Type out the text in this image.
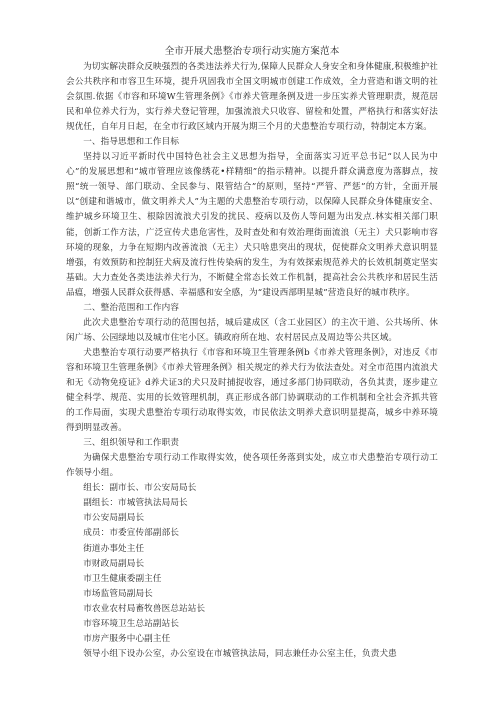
全市开展犬患整治专项行动实施方案范本

为切实解决群众反映强烈的各类违法养犬行为,保障人民群众人身安全和身体健康,积极维护社会公共秩序和市容卫生环境，提升巩固我市全国文明城市创建工作成效，全力营造和谐文明的社会氛围.依据《市容和环境W生管理条例》《市养犬管理条例及进一步压实养犬管理职责，规范居民和单位养犬行为，实行养犬登记管理，加强流浪犬只收容、留检和处置，严格执行和落实好法规优任，自年月日起，在全市行政区域内开展为期三个月的犬患整治专项行动，特制定本方案。

一、指导思想和工作目标

坚持以习近平新时代中国特色社会主义思想为指导，全面落实习近平总书记“以人民为中心”的发展思想和“城市管理应该像绣花•样精细”的指示精神。以提升群众满意度为落脚点，按照“统一领导、部门联动、全民参与、限管结合”的原则，坚持“严管、严惩”的方针，全面开展以“创建和谐城市，做文明养犬人”为主题的犬患整治专项行动，以保障人民群众身体健康安全、维护城乡环境卫生、根除因流浪犬引发的扰民、疫病以及伤人等问题为出发点.林实相关部门职能，创新工作方法，广泛宣传犬患危害性，及时查处和有效治理街面流浪（无主）犬只影响市容环境的现象，力争在短期内改善流浪（无主）犬只啥患突出的现状，促使群众文明养犬意识明显增强，有效预防和控制狂犬病及流行性传染病的发生，为有效探索规范养犬的长效机制奠定坚实基础。大力查处各类违法养犬行为，不断健全常态长效工作机制，提高社会公共秩序和居民生活品瘟，增强人民群众获得感、幸福感和安全感，为“建设西部明星城”营造良好的城市秩序。

二、整治范围和工作内容

此次犬患整治专项行动的范围包括，城后建成区（含工业园区）的主次干道、公共场所、休闲广场、公园绿地以及城市住宅小区。镇政府所在地、农村居民点及周边等公共区域。

犬患整治专项行动要严格执行《市容和环境卫生管理条例b《市养犬管理条例》，对违反《市容和环境卫生管理条例》《市养犬管理条例》相关规定的养犬行为依法查处。对全市范围内流浪犬和无《动物免疫证》d养犬证3的犬只及时捕捉收容，通过多部门协同联动，各负其责，逐步建立健全科学、规范、实用的长效管理机制，真正形成各部门协调联动的工作机制和全社会齐抓共管的工作局面，实现犬患整治专项行动取得实效，市民依法文明养犬意识明显提高，城乡中养环境得到明显改善。

三、组织领导和工作职责

为确保犬患整治专项行动工作取得实效，使各项任务落到实处，成立市犬患整治专项行动工作领导小组。

组长：副市长、市公安局局长

副组长：市城管执法局局长

市公安局副局长

成员：市委宣传部副部长

街道办事处主任

市财政局副局长

市卫生健康委副主任

市场监管局副局长

市农业农村局畜牧兽医总站站长

市容环境卫生总站副站长

市房产服务中心副主任

领导小组下设办公室，办公室设在市城管执法局，同志兼任办公室主任，负责犬患
